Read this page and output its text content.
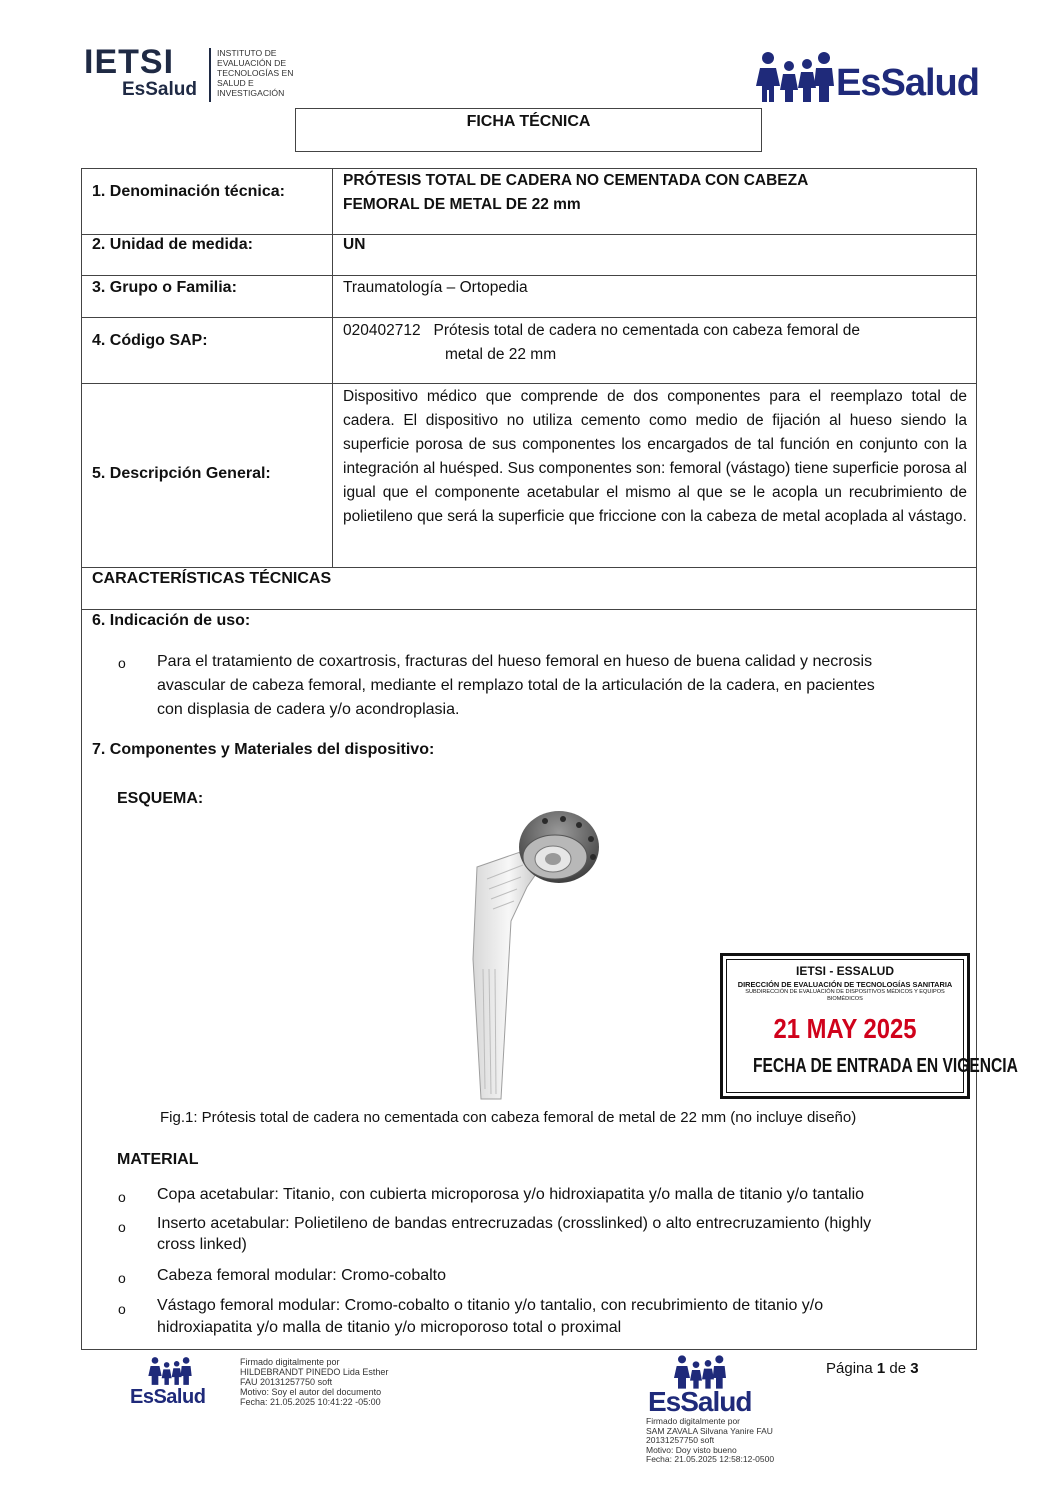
IETSI
EsSalud
INSTITUTO DE
EVALUACIÓN DE
TECNOLOGÍAS EN
SALUD E
INVESTIGACIÓN	EsSalud
FICHA TÉCNICA
1. Denominación técnica:
PRÓTESIS TOTAL DE CADERA NO CEMENTADA CON CABEZA
FEMORAL DE METAL DE 22 mm
2. Unidad de medida:	UN
3. Grupo o Familia:	Traumatología – Ortopedia
4. Código SAP:
020402712 Prótesis total de cadera no cementada con cabeza femoral de
metal de 22 mm
5. Descripción General:
Dispositivo médico que comprende de dos componentes para el reemplazo total de cadera. El dispositivo no utiliza cemento como medio de fijación al hueso siendo la superficie porosa de sus componentes los encargados de tal función en conjunto con la integración al huésped. Sus componentes son: femoral (vástago) tiene superficie porosa al igual que el componente acetabular el mismo al que se le acopla un recubrimiento de polietileno que será la superficie que friccione con la cabeza de metal acoplada al vástago.
CARACTERÍSTICAS TÉCNICAS
6. Indicación de uso:
o Para el tratamiento de coxartrosis, fracturas del hueso femoral en hueso de buena calidad y necrosis
avascular de cabeza femoral, mediante el remplazo total de la articulación de la cadera, en pacientes
con displasia de cadera y/o acondroplasia.
7. Componentes y Materiales del dispositivo:
ESQUEMA:
Fig.1: Prótesis total de cadera no cementada con cabeza femoral de metal de 22 mm (no incluye diseño)
MATERIAL
o Copa acetabular: Titanio, con cubierta microporosa y/o hidroxiapatita y/o malla de titanio y/o tantalio
o Inserto acetabular: Polietileno de bandas entrecruzadas (crosslinked) o alto entrecruzamiento (highly
cross linked)
o Cabeza femoral modular: Cromo-cobalto
o Vástago femoral modular: Cromo-cobalto o titanio y/o tantalio, con recubrimiento de titanio y/o
hidroxiapatita y/o malla de titanio y/o microporoso total o proximal
IETSI - ESSALUD
DIRECCIÓN DE EVALUACIÓN DE TECNOLOGÍAS SANITARIA
SUBDIRECCIÓN DE EVALUACIÓN DE DISPOSITIVOS MÉDICOS Y EQUIPOS BIOMÉDICOS
21 MAY 2025
FECHA DE ENTRADA EN VIGENCIA
EsSalud
Firmado digitalmente por
HILDEBRANDT PINEDO Lida Esther
FAU 20131257750 soft
Motivo: Soy el autor del documento
Fecha: 21.05.2025 10:41:22 -05:00	EsSalud
Firmado digitalmente por
SAM ZAVALA Silvana Yanire FAU
20131257750 soft
Motivo: Doy visto bueno
Fecha: 21.05.2025 12:58:12-0500
Página 1 de 3
